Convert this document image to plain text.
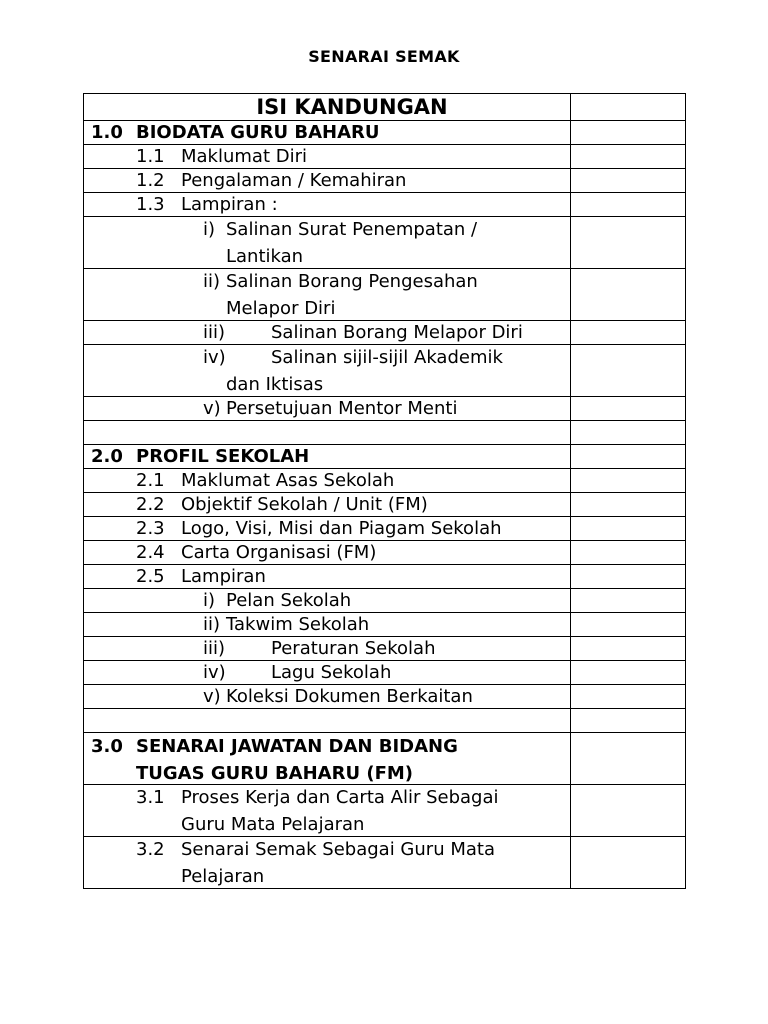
SENARAI SEMAK
ISI KANDUNGAN	

1.0 BIODATA GURU BAHARU	

1.1 Maklumat Diri	

1.2 Pengalaman / Kemahiran	

1.3 Lampiran :	

i) Salinan Surat Penempatan /
Lantikan	

ii) Salinan Borang Pengesahan
Melapor Diri	

iii) Salinan Borang Melapor Diri	

iv) Salinan sijil-sijil Akademik
dan Iktisas	

v) Persetujuan Mentor Menti	

2.0 PROFIL SEKOLAH	

2.1 Maklumat Asas Sekolah	

2.2 Objektif Sekolah / Unit (FM)	

2.3 Logo, Visi, Misi dan Piagam Sekolah	

2.4 Carta Organisasi (FM)	

2.5 Lampiran	

i) Pelan Sekolah	

ii) Takwim Sekolah	

iii) Peraturan Sekolah	

iv) Lagu Sekolah	

v) Koleksi Dokumen Berkaitan	

3.0 SENARAI JAWATAN DAN BIDANG
TUGAS GURU BAHARU (FM)	

3.1 Proses Kerja dan Carta Alir Sebagai
Guru Mata Pelajaran	

3.2 Senarai Semak Sebagai Guru Mata
Pelajaran	
